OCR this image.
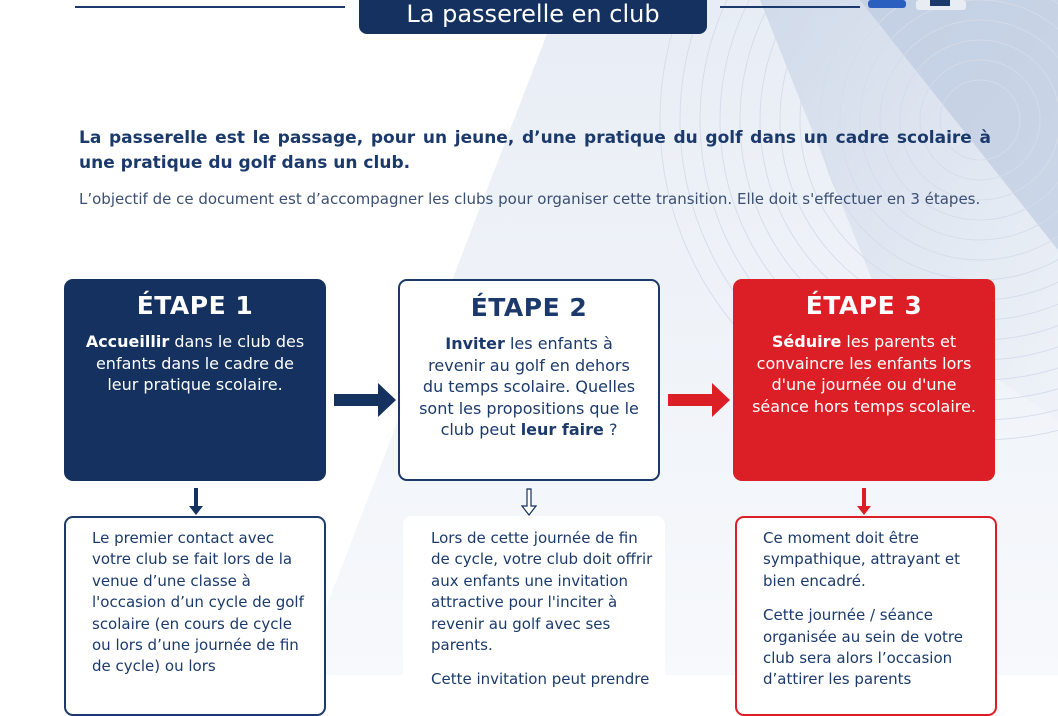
La passerelle en club
La passerelle est le passage, pour un jeune, d’une pratique du golf dans un cadre scolaire à une pratique du golf dans un club.
L’objectif de ce document est d’accompagner les clubs pour organiser cette transition. Elle doit s'effectuer en 3 étapes.
ÉTAPE 1
Accueillir dans le club des enfants dans le cadre de leur pratique scolaire.
ÉTAPE 2
Inviter les enfants à revenir au golf en dehors du temps scolaire. Quelles sont les propositions que le club peut leur faire ?
ÉTAPE 3
Séduire les parents et convaincre les enfants lors d'une journée ou d'une séance hors temps scolaire.

Le premier contact avec votre club se fait lors de la venue d’une classe à l'occasion d’un cycle de golf scolaire (en cours de cycle ou lors d’une journée de fin de cycle) ou lors

Lors de cette journée de fin de cycle, votre club doit offrir aux enfants une invitation attractive pour l'inciter à revenir au golf avec ses parents.

Cette invitation peut prendre

Ce moment doit être sympathique, attrayant et bien encadré.

Cette journée / séance organisée au sein de votre club sera alors l’occasion d’attirer les parents
